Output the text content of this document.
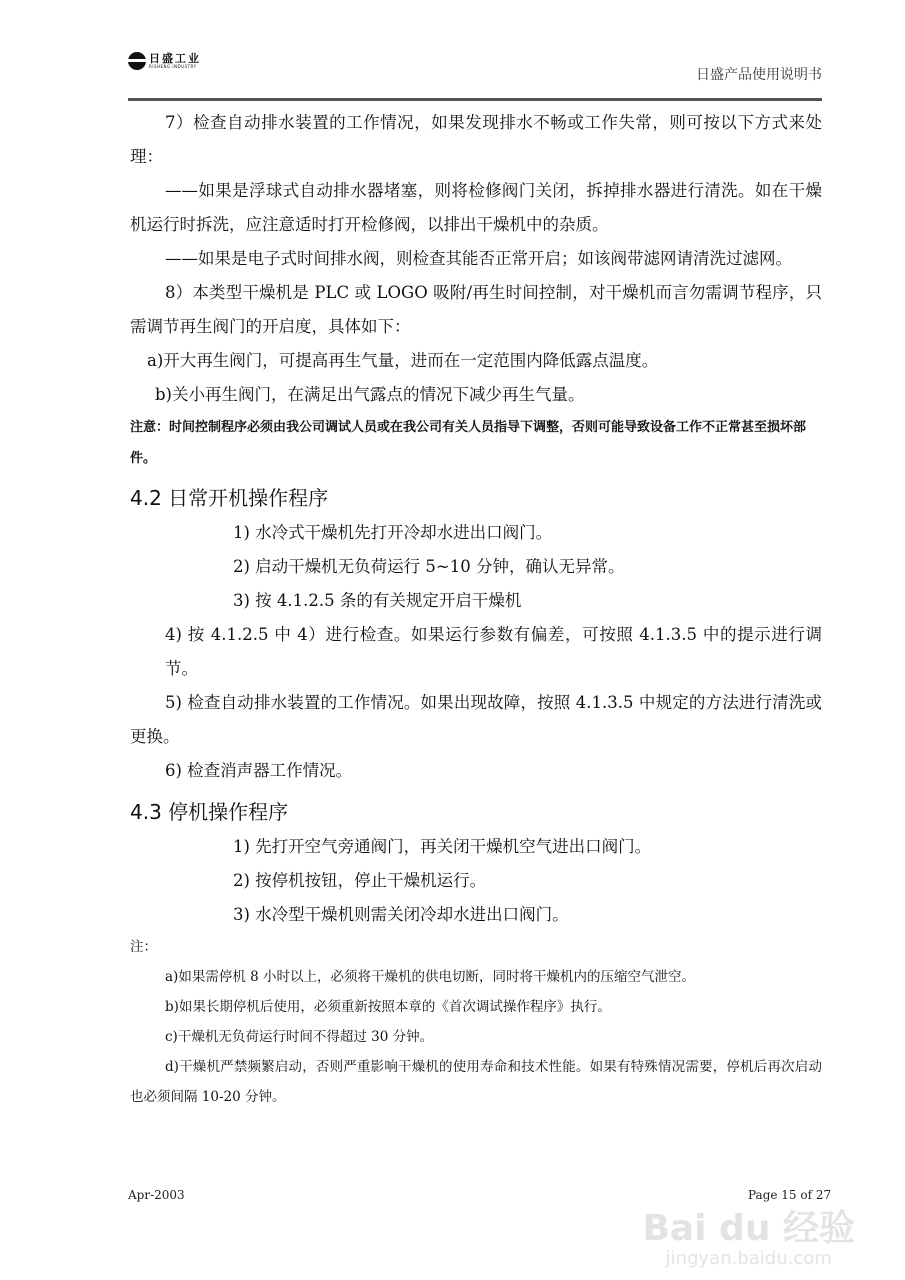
日盛工业
RISHENG INDUSTRY
日盛产品使用说明书

7）检查自动排水装置的工作情况，如果发现排水不畅或工作失常，则可按以下方式来处理：

——如果是浮球式自动排水器堵塞，则将检修阀门关闭，拆掉排水器进行清洗。如在干燥机运行时拆洗，应注意适时打开检修阀，以排出干燥机中的杂质。

——如果是电子式时间排水阀，则检查其能否正常开启；如该阀带滤网请清洗过滤网。

8）本类型干燥机是 PLC 或 LOGO 吸附/再生时间控制，对干燥机而言勿需调节程序，只需调节再生阀门的开启度，具体如下：

a)开大再生阀门，可提高再生气量，进而在一定范围内降低露点温度。

b)关小再生阀门，在满足出气露点的情况下减少再生气量。

注意：时间控制程序必须由我公司调试人员或在我公司有关人员指导下调整，否则可能导致设备工作不正常甚至损坏部件。

4.2 日常开机操作程序

1) 水冷式干燥机先打开冷却水进出口阀门。

2) 启动干燥机无负荷运行 5~10 分钟，确认无异常。

3) 按 4.1.2.5 条的有关规定开启干燥机

4) 按 4.1.2.5 中 4）进行检查。如果运行参数有偏差，可按照 4.1.3.5 中的提示进行调节。

5) 检查自动排水装置的工作情况。如果出现故障，按照 4.1.3.5 中规定的方法进行清洗或更换。

6) 检查消声器工作情况。

4.3 停机操作程序

1) 先打开空气旁通阀门，再关闭干燥机空气进出口阀门。

2) 按停机按钮，停止干燥机运行。

3) 水冷型干燥机则需关闭冷却水进出口阀门。

注：

a)如果需停机 8 小时以上，必须将干燥机的供电切断，同时将干燥机内的压缩空气泄空。

b)如果长期停机后使用，必须重新按照本章的《首次调试操作程序》执行。

c)干燥机无负荷运行时间不得超过 30 分钟。

d)干燥机严禁频繁启动，否则严重影响干燥机的使用寿命和技术性能。如果有特殊情况需要，停机后再次启动也必须间隔 10-20 分钟。

Bai du 经验
jingyan.baidu.com
Apr-2003	Page 15 of 27
